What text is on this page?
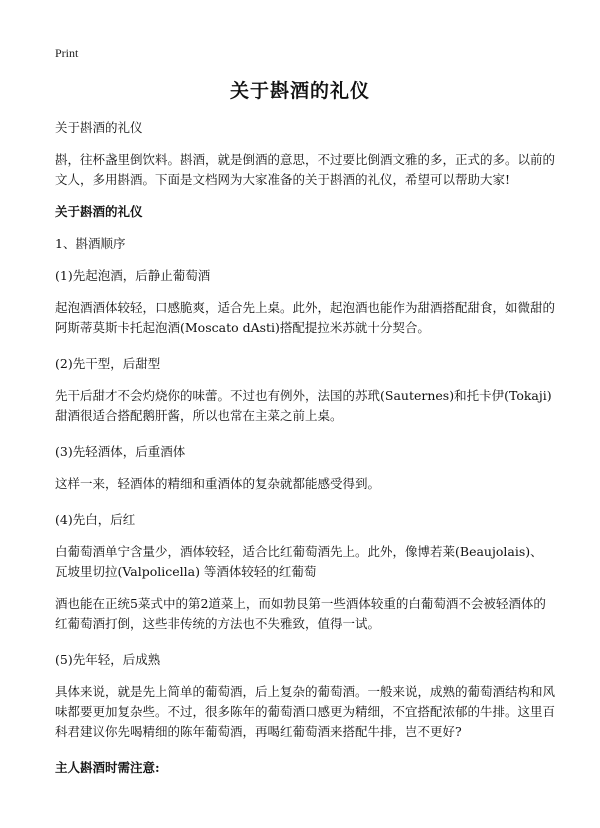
Print
关于斟酒的礼仪

关于斟酒的礼仪

斟，往杯盏里倒饮料。斟酒，就是倒酒的意思，不过要比倒酒文雅的多，正式的多。以前的文人，多用斟酒。下面是文档网为大家准备的关于斟酒的礼仪，希望可以帮助大家!

关于斟酒的礼仪

1、斟酒顺序

(1)先起泡酒，后静止葡萄酒

起泡酒酒体较轻，口感脆爽，适合先上桌。此外，起泡酒也能作为甜酒搭配甜食，如微甜的阿斯蒂莫斯卡托起泡酒(Moscato dAsti)搭配提拉米苏就十分契合。

(2)先干型，后甜型

先干后甜才不会灼烧你的味蕾。不过也有例外，法国的苏玳(Sauternes)和托卡伊(Tokaji)甜酒很适合搭配鹅肝酱，所以也常在主菜之前上桌。

(3)先轻酒体，后重酒体

这样一来，轻酒体的精细和重酒体的复杂就都能感受得到。

(4)先白，后红

白葡萄酒单宁含量少，酒体较轻，适合比红葡萄酒先上。此外，像博若莱(Beaujolais)、瓦坡里切拉(Valpolicella) 等酒体较轻的红葡萄

酒也能在正统5菜式中的第2道菜上，而如勃艮第一些酒体较重的白葡萄酒不会被轻酒体的红葡萄酒打倒，这些非传统的方法也不失雅致，值得一试。

(5)先年轻，后成熟

具体来说，就是先上简单的葡萄酒，后上复杂的葡萄酒。一般来说，成熟的葡萄酒结构和风味都要更加复杂些。不过，很多陈年的葡萄酒口感更为精细，不宜搭配浓郁的牛排。这里百科君建议你先喝精细的陈年葡萄酒，再喝红葡萄酒来搭配牛排，岂不更好?

主人斟酒时需注意:
